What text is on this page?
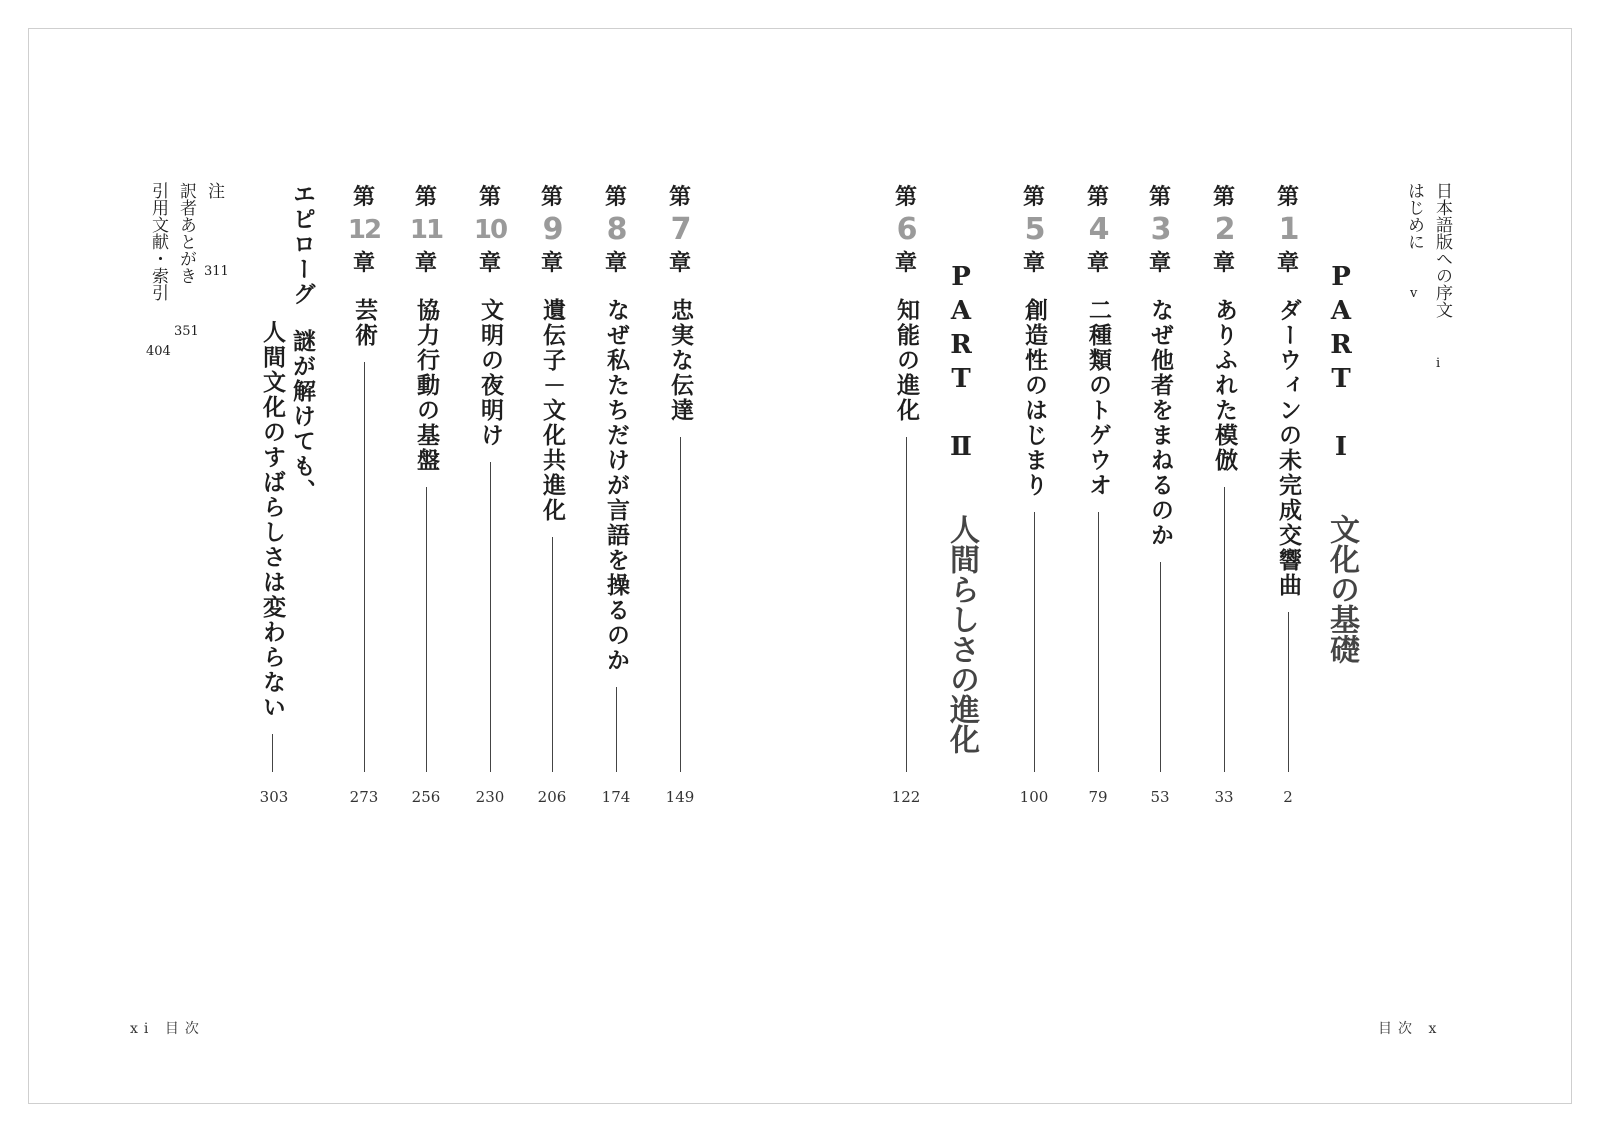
日本語版への序文
i
はじめに
v
PART Ⅰ
文化の基礎
第
1
章
ダーウィンの未完成交響曲
2
第
2
章
ありふれた模倣
33
第
3
章
なぜ他者をまねるのか
53
第
4
章
二種類のトゲウオ
79
第
5
章
創造性のはじまり
100
PART Ⅱ
人間らしさの進化
第
6
章
知能の進化
122
第
7
章
忠実な伝達
149
第
8
章
なぜ私たちだけが言語を操るのか
174
第
9
章
遺伝子－文化共進化
206
第
10
章
文明の夜明け
230
第
11
章
協力行動の基盤
256
第
12
章
芸術
273
エピローグ
謎が解けても、
人間文化のすばらしさは変わらない
303
注
311
訳者あとがき
351
引用文献・索引
404
目次 x
xi 目次
